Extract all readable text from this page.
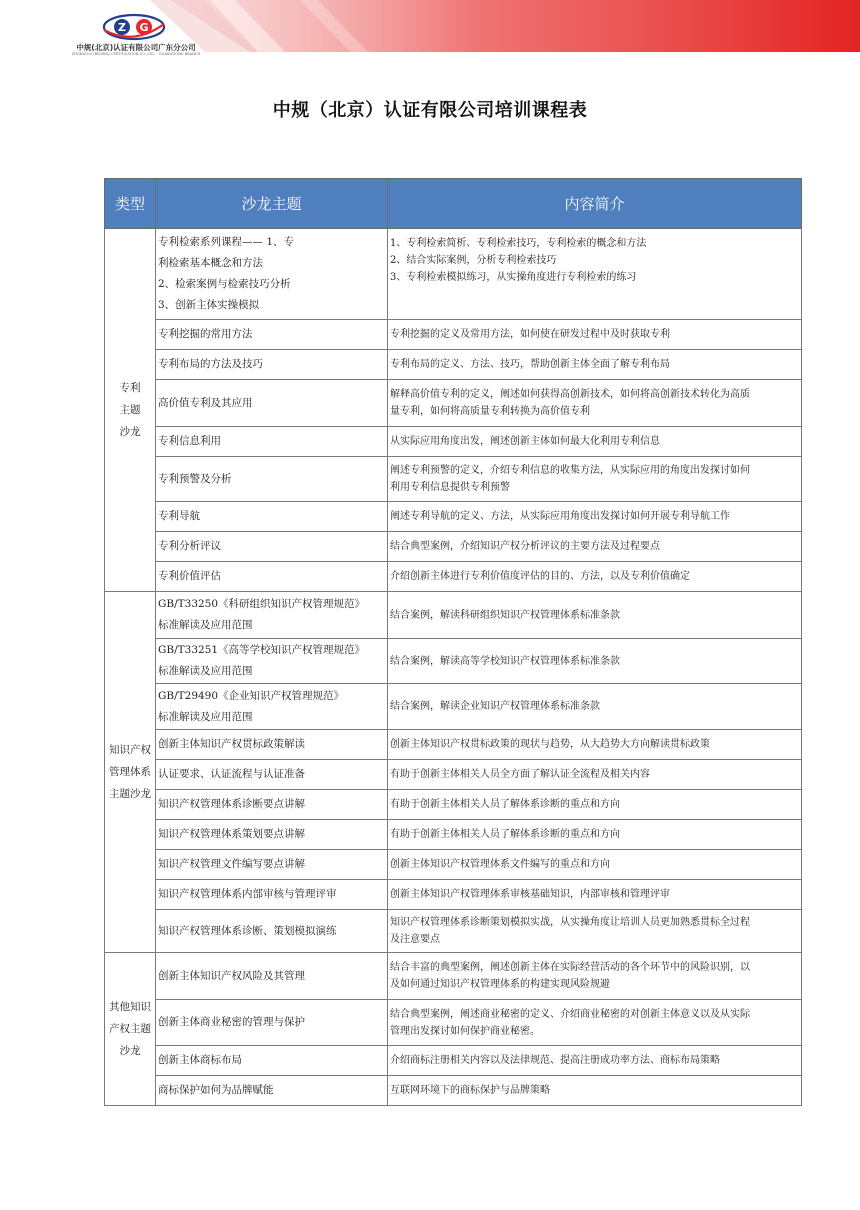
Z G
中规(北京)认证有限公司广东分公司
ZHONGGUI (BEIJING) CERTIFICATION CO.,LTD. · GUANGDONG BRANCH
中规（北京）认证有限公司培训课程表
类型	沙龙主题	内容简介
专利
主题
沙龙	专利检索系列课程—— 1、专
利检索基本概念和方法
2、检索案例与检索技巧分析
3、创新主体实操模拟	1、专利检索简析、专利检索技巧，专利检索的概念和方法
2、结合实际案例，分析专利检索技巧
3、专利检索模拟练习，从实操角度进行专利检索的练习
	专利挖掘的常用方法	专利挖掘的定义及常用方法，如何使在研发过程中及时获取专利
	专利布局的方法及技巧	专利布局的定义、方法、技巧，帮助创新主体全面了解专利布局
	高价值专利及其应用	解释高价值专利的定义，阐述如何获得高创新技术，如何将高创新技术转化为高质
量专利，如何将高质量专利转换为高价值专利
	专利信息利用	从实际应用角度出发，阐述创新主体如何最大化利用专利信息
	专利预警及分析	阐述专利预警的定义，介绍专利信息的收集方法，从实际应用的角度出发探讨如何
利用专利信息提供专利预警
	专利导航	阐述专利导航的定义、方法，从实际应用角度出发探讨如何开展专利导航工作
	专利分析评议	结合典型案例，介绍知识产权分析评议的主要方法及过程要点
	专利价值评估	介绍创新主体进行专利价值度评估的目的、方法，以及专利价值确定
知识产权
管理体系
主题沙龙	GB/T33250《科研组织知识产权管理规范》
标准解读及应用范围	结合案例，解读科研组织知识产权管理体系标准条款
	GB/T33251《高等学校知识产权管理规范》
标准解读及应用范围	结合案例，解读高等学校知识产权管理体系标准条款
	GB/T29490《企业知识产权管理规范》
标准解读及应用范围	结合案例，解读企业知识产权管理体系标准条款
	创新主体知识产权贯标政策解读	创新主体知识产权贯标政策的现状与趋势，从大趋势大方向解读贯标政策
	认证要求、认证流程与认证准备	有助于创新主体相关人员全方面了解认证全流程及相关内容
	知识产权管理体系诊断要点讲解	有助于创新主体相关人员了解体系诊断的重点和方向
	知识产权管理体系策划要点讲解	有助于创新主体相关人员了解体系诊断的重点和方向
	知识产权管理文件编写要点讲解	创新主体知识产权管理体系文件编写的重点和方向
	知识产权管理体系内部审核与管理评审	创新主体知识产权管理体系审核基础知识，内部审核和管理评审
	知识产权管理体系诊断、策划模拟演练	知识产权管理体系诊断策划模拟实战，从实操角度让培训人员更加熟悉贯标全过程
及注意要点
其他知识
产权主题
沙龙	创新主体知识产权风险及其管理	结合丰富的典型案例，阐述创新主体在实际经营活动的各个环节中的风险识别，以
及如何通过知识产权管理体系的构建实现风险规避
	创新主体商业秘密的管理与保护	结合典型案例，阐述商业秘密的定义、介绍商业秘密的对创新主体意义以及从实际
管理出发探讨如何保护商业秘密。
	创新主体商标布局	介绍商标注册相关内容以及法律规范、提高注册成功率方法、商标布局策略
	商标保护如何为品牌赋能	互联网环境下的商标保护与品牌策略
